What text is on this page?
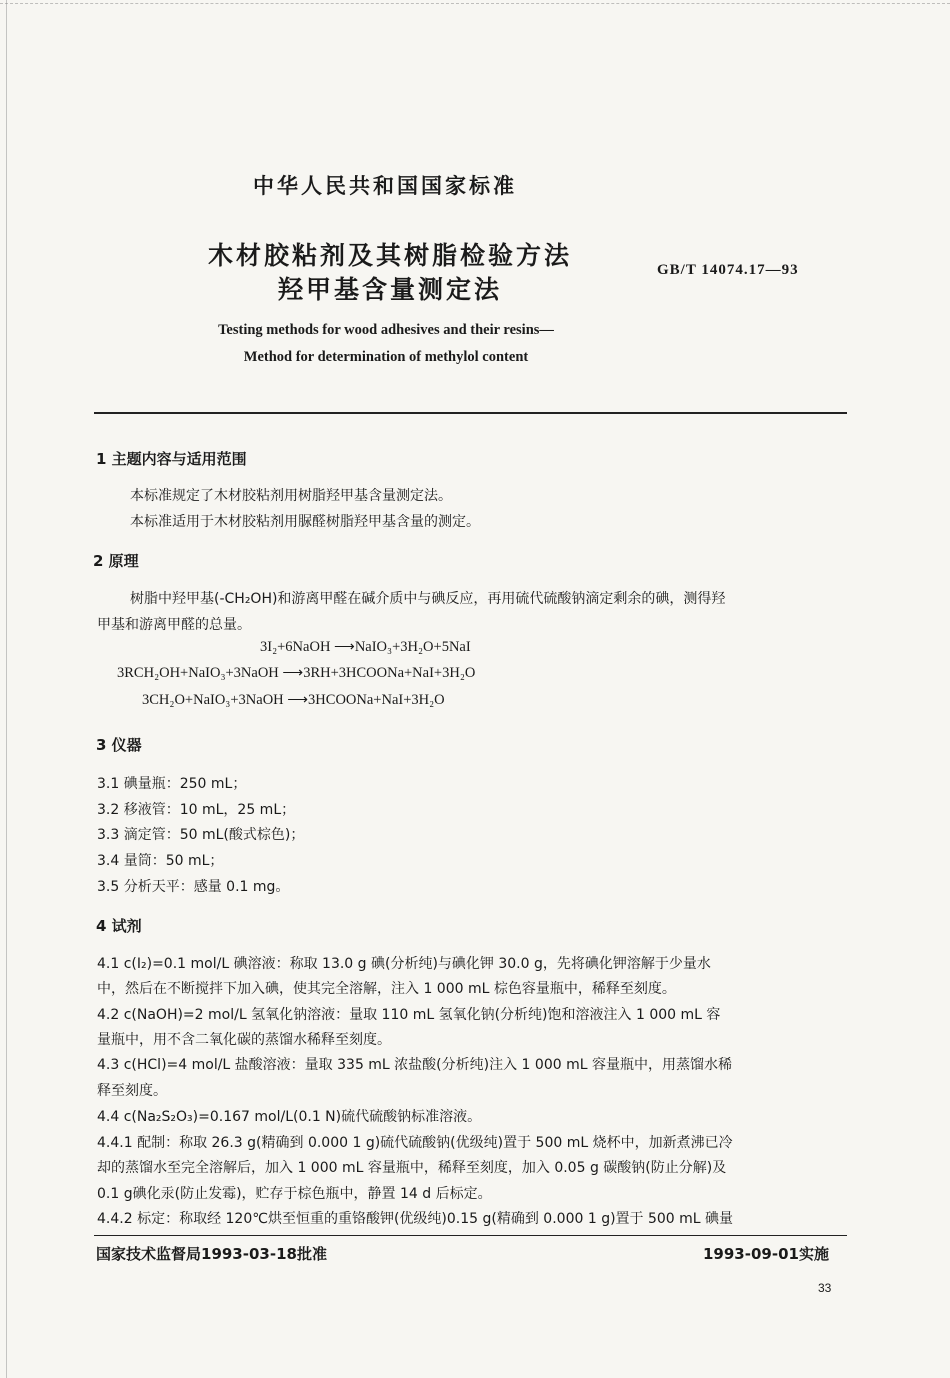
中华人民共和国国家标准
木材胶粘剂及其树脂检验方法
羟甲基含量测定法
GB/T 14074.17—93
Testing methods for wood adhesives and their resins—
Method for determination of methylol content
1 主题内容与适用范围
本标准规定了木材胶粘剂用树脂羟甲基含量测定法。
本标准适用于木材胶粘剂用脲醛树脂羟甲基含量的测定。
2 原理
树脂中羟甲基(-CH₂OH)和游离甲醛在碱介质中与碘反应，再用硫代硫酸钠滴定剩余的碘，测得羟
甲基和游离甲醛的总量。
3I₂+6NaOH ⟶NaIO₃+3H₂O+5NaI
3RCH₂OH+NaIO₃+3NaOH ⟶3RH+3HCOONa+NaI+3H₂O
3CH₂O+NaIO₃+3NaOH ⟶3HCOONa+NaI+3H₂O
3 仪器
3.1 碘量瓶：250 mL；
3.2 移液管：10 mL，25 mL；
3.3 滴定管：50 mL(酸式棕色)；
3.4 量筒：50 mL；
3.5 分析天平：感量 0.1 mg。
4 试剂
4.1 c(I₂)=0.1 mol/L 碘溶液：称取 13.0 g 碘(分析纯)与碘化钾 30.0 g，先将碘化钾溶解于少量水
中，然后在不断搅拌下加入碘，使其完全溶解，注入 1 000 mL 棕色容量瓶中，稀释至刻度。
4.2 c(NaOH)=2 mol/L 氢氧化钠溶液：量取 110 mL 氢氧化钠(分析纯)饱和溶液注入 1 000 mL 容
量瓶中，用不含二氧化碳的蒸馏水稀释至刻度。
4.3 c(HCl)=4 mol/L 盐酸溶液：量取 335 mL 浓盐酸(分析纯)注入 1 000 mL 容量瓶中，用蒸馏水稀
释至刻度。
4.4 c(Na₂S₂O₃)=0.167 mol/L(0.1 N)硫代硫酸钠标准溶液。
4.4.1 配制：称取 26.3 g(精确到 0.000 1 g)硫代硫酸钠(优级纯)置于 500 mL 烧杯中，加新煮沸已冷
却的蒸馏水至完全溶解后，加入 1 000 mL 容量瓶中，稀释至刻度，加入 0.05 g 碳酸钠(防止分解)及
0.1 g碘化汞(防止发霉)，贮存于棕色瓶中，静置 14 d 后标定。
4.4.2 标定：称取经 120℃烘至恒重的重铬酸钾(优级纯)0.15 g(精确到 0.000 1 g)置于 500 mL 碘量
国家技术监督局1993-03-18批准	1993-09-01实施
33
